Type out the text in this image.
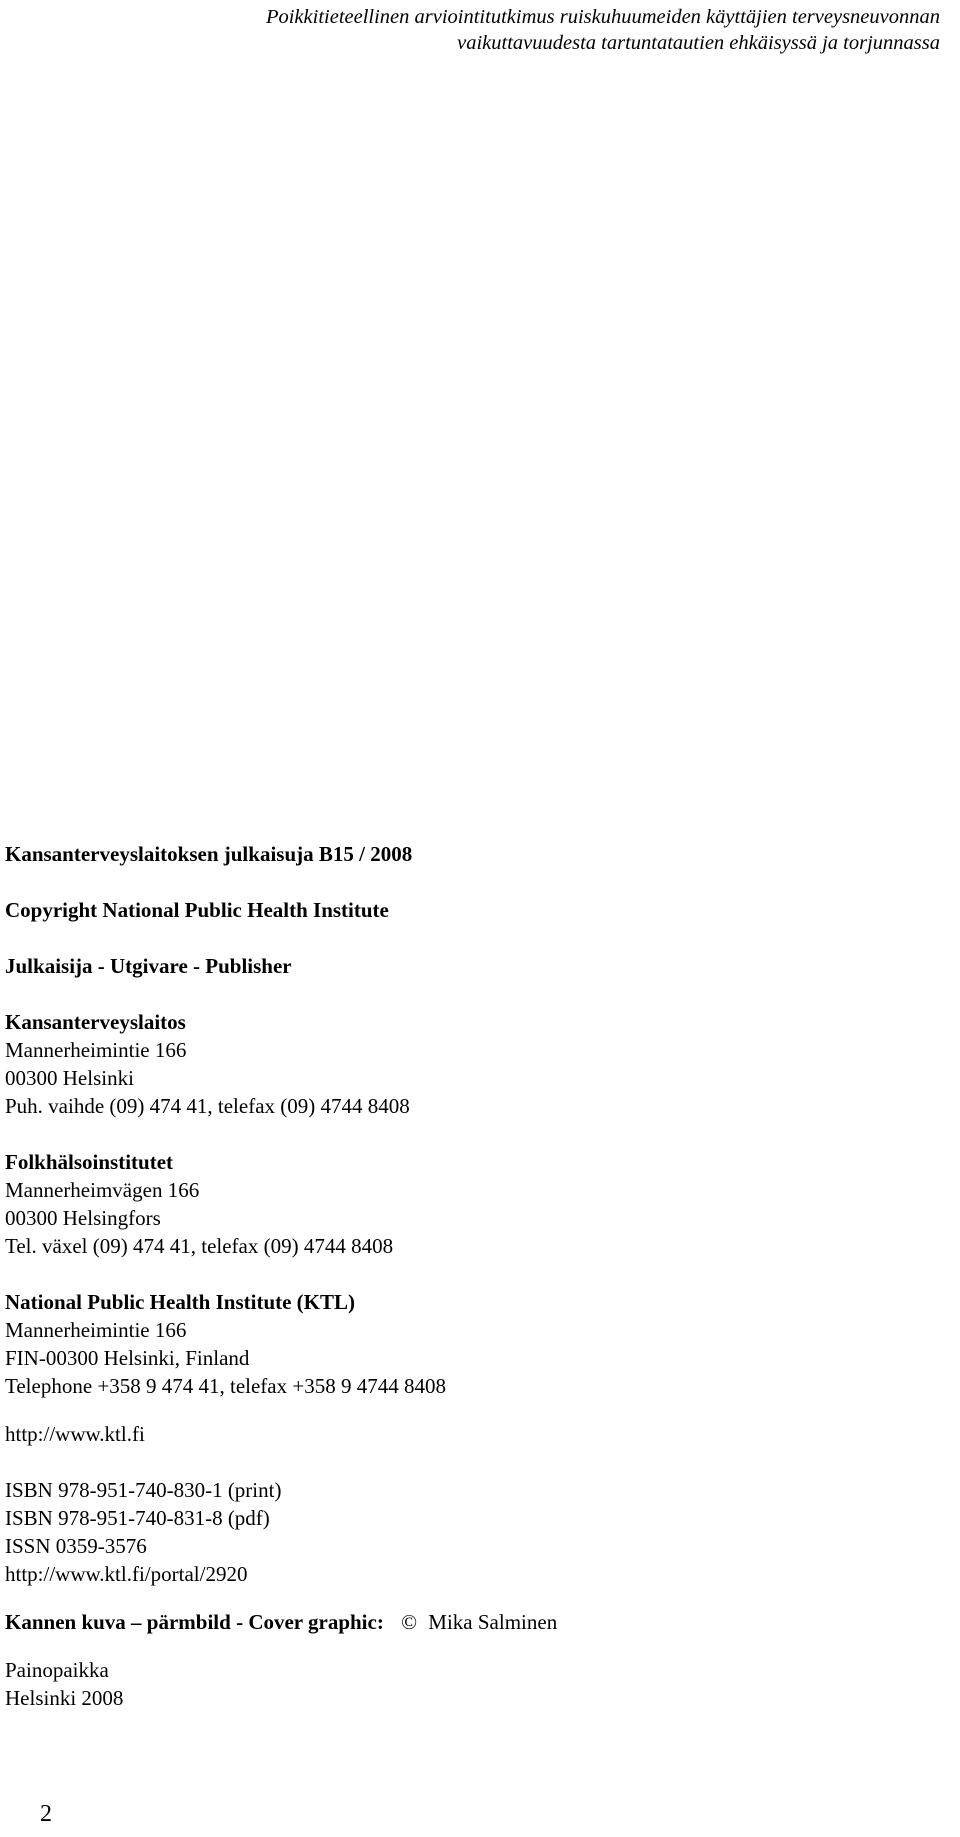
Poikkitieteellinen arviointitutkimus ruiskuhuumeiden käyttäjien terveysneuvonnan
vaikuttavuudesta tartuntatautien ehkäisyssä ja torjunnassa
Kansanterveyslaitoksen julkaisuja B15 / 2008
Copyright National Public Health Institute
Julkaisija - Utgivare - Publisher
Kansanterveyslaitos
Mannerheimintie 166
00300 Helsinki
Puh. vaihde (09) 474 41, telefax (09) 4744 8408
Folkhälsoinstitutet
Mannerheimvägen 166
00300 Helsingfors
Tel. växel (09) 474 41, telefax (09) 4744 8408
National Public Health Institute (KTL)
Mannerheimintie 166
FIN-00300 Helsinki, Finland
Telephone +358 9 474 41, telefax +358 9 4744 8408
http://www.ktl.fi
ISBN 978-951-740-830-1 (print)
ISBN 978-951-740-831-8 (pdf)
ISSN 0359-3576
http://www.ktl.fi/portal/2920
Kannen kuva – pärmbild - Cover graphic: © Mika Salminen
Painopaikka
Helsinki 2008
2
